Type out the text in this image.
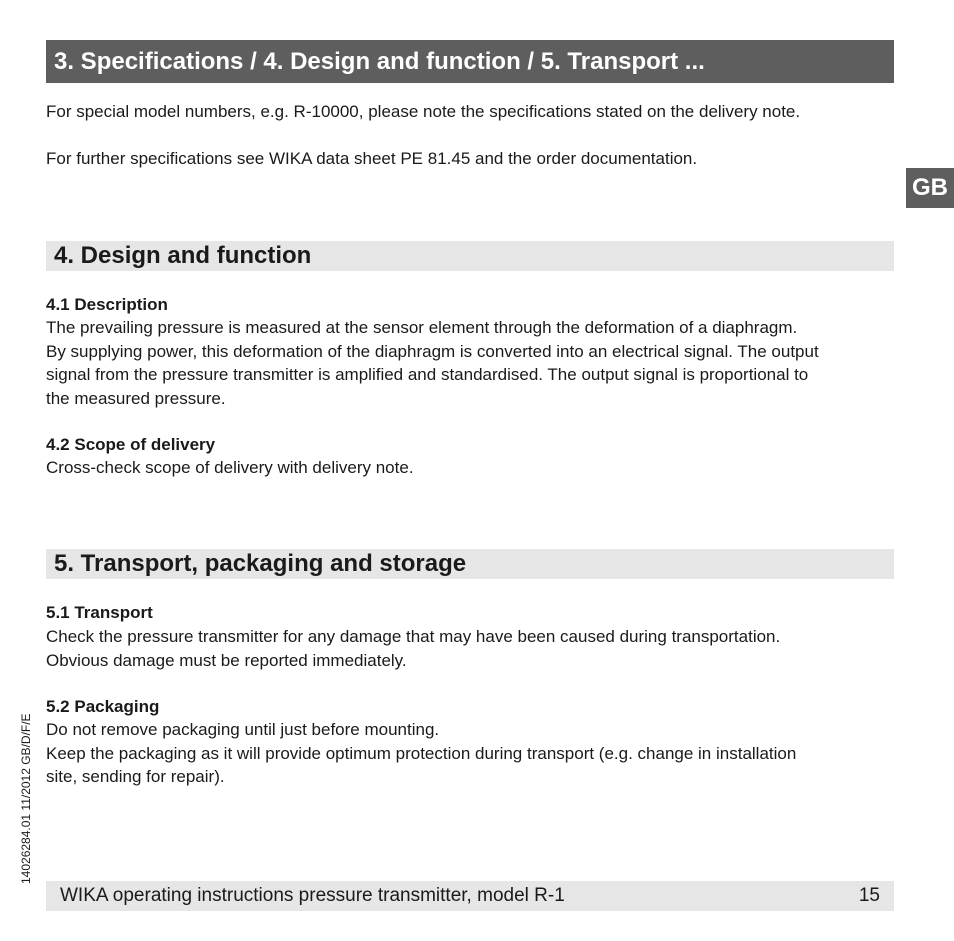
3. Specifications / 4. Design and function / 5. Transport ...
For special model numbers, e.g. R-10000, please note the specifications stated on the delivery note.
For further specifications see WIKA data sheet PE 81.45 and the order documentation.
GB
4. Design and function
4.1 Description
The prevailing pressure is measured at the sensor element through the deformation of a diaphragm.
By supplying power, this deformation of the diaphragm is converted into an electrical signal. The output
signal from the pressure transmitter is amplified and standardised. The output signal is proportional to
the measured pressure.
4.2 Scope of delivery
Cross-check scope of delivery with delivery note.
5. Transport, packaging and storage
5.1 Transport
Check the pressure transmitter for any damage that may have been caused during transportation.
Obvious damage must be reported immediately.
5.2 Packaging
Do not remove packaging until just before mounting.
Keep the packaging as it will provide optimum protection during transport (e.g. change in installation
site, sending for repair).
14026284.01 11/2012 GB/D/F/E
WIKA operating instructions pressure transmitter, model R-1	15
